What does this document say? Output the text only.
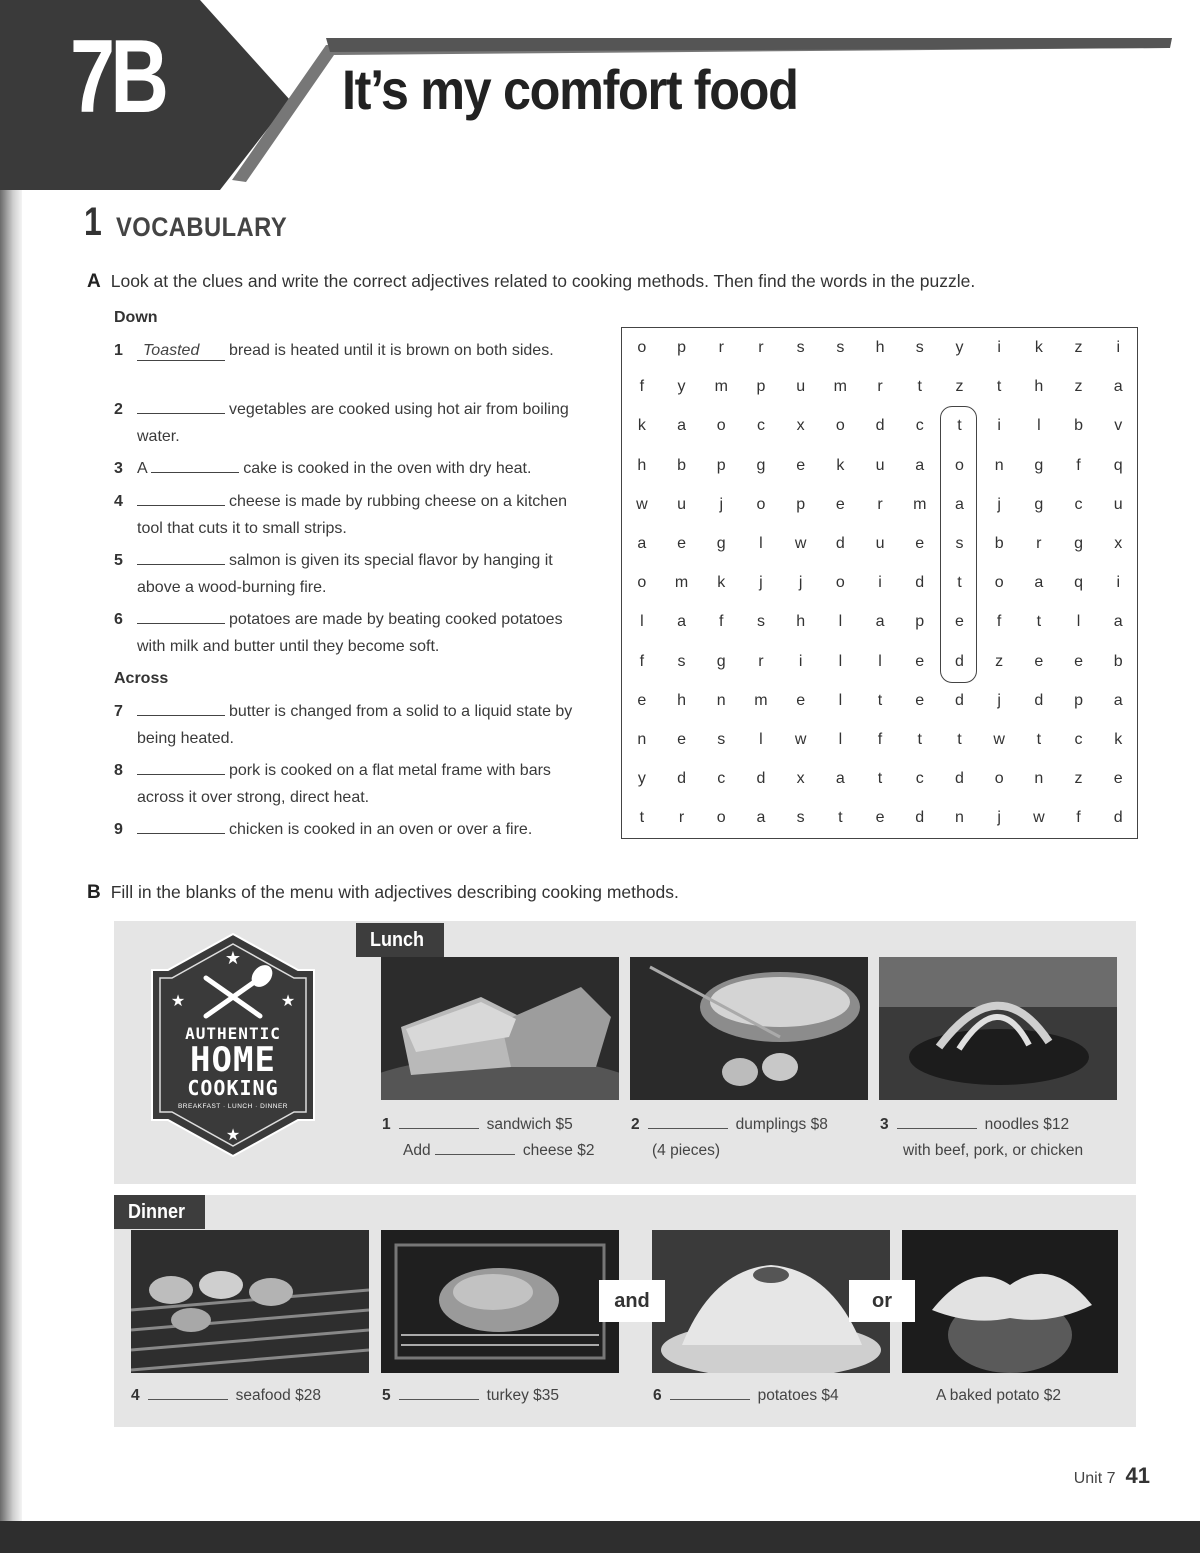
7B	It’s my comfort food
1 VOCABULARY
A Look at the clues and write the correct adjectives related to cooking methods. Then find the words in the puzzle.
Down
1	Toasted bread is heated until it is brown on both sides.
2	vegetables are cooked using hot air from boiling water.
3 A	cake is cooked in the oven with dry heat.
4	cheese is made by rubbing cheese on a kitchen tool that cuts it to small strips.
5	salmon is given its special flavor by hanging it above a wood-burning fire.
6	potatoes are made by beating cooked potatoes with milk and butter until they become soft.
Across
7	butter is changed from a solid to a liquid state by being heated.
8	pork is cooked on a flat metal frame with bars across it over strong, direct heat.
9	chicken is cooked in an oven or over a fire.
o	p	r	r	s	s	h	s	y	i	k	z	i
f	y	m	p	u	m	r	t	z	t	h	z	a
k	a	o	c	x	o	d	c	t	i	l	b	v
h	b	p	g	e	k	u	a	o	n	g	f	q
w	u	j	o	p	e	r	m	a	j	g	c	u
a	e	g	l	w	d	u	e	s	b	r	g	x
o	m	k	j	j	o	i	d	t	o	a	q	i
l	a	f	s	h	l	a	p	e	f	t	l	a
f	s	g	r	i	l	l	e	d	z	e	e	b
e	h	n	m	e	l	t	e	d	j	d	p	a
n	e	s	l	w	l	f	t	t	w	t	c	k
y	d	c	d	x	a	t	c	d	o	n	z	e
t	r	o	a	s	t	e	d	n	j	w	f	d
B Fill in the blanks of the menu with adjectives describing cooking methods.
Lunch
★
★	★
★
AUTHENTIC
HOME
COOKING
BREAKFAST · LUNCH · DINNER
1	sandwich $5
Add	cheese $2
2	dumplings $8
(4 pieces)
3	noodles $12
with beef, pork, or chicken
Dinner
and	or
4	seafood $28	5	turkey $35	6	potatoes $4	A baked potato $2
Unit 7 41
